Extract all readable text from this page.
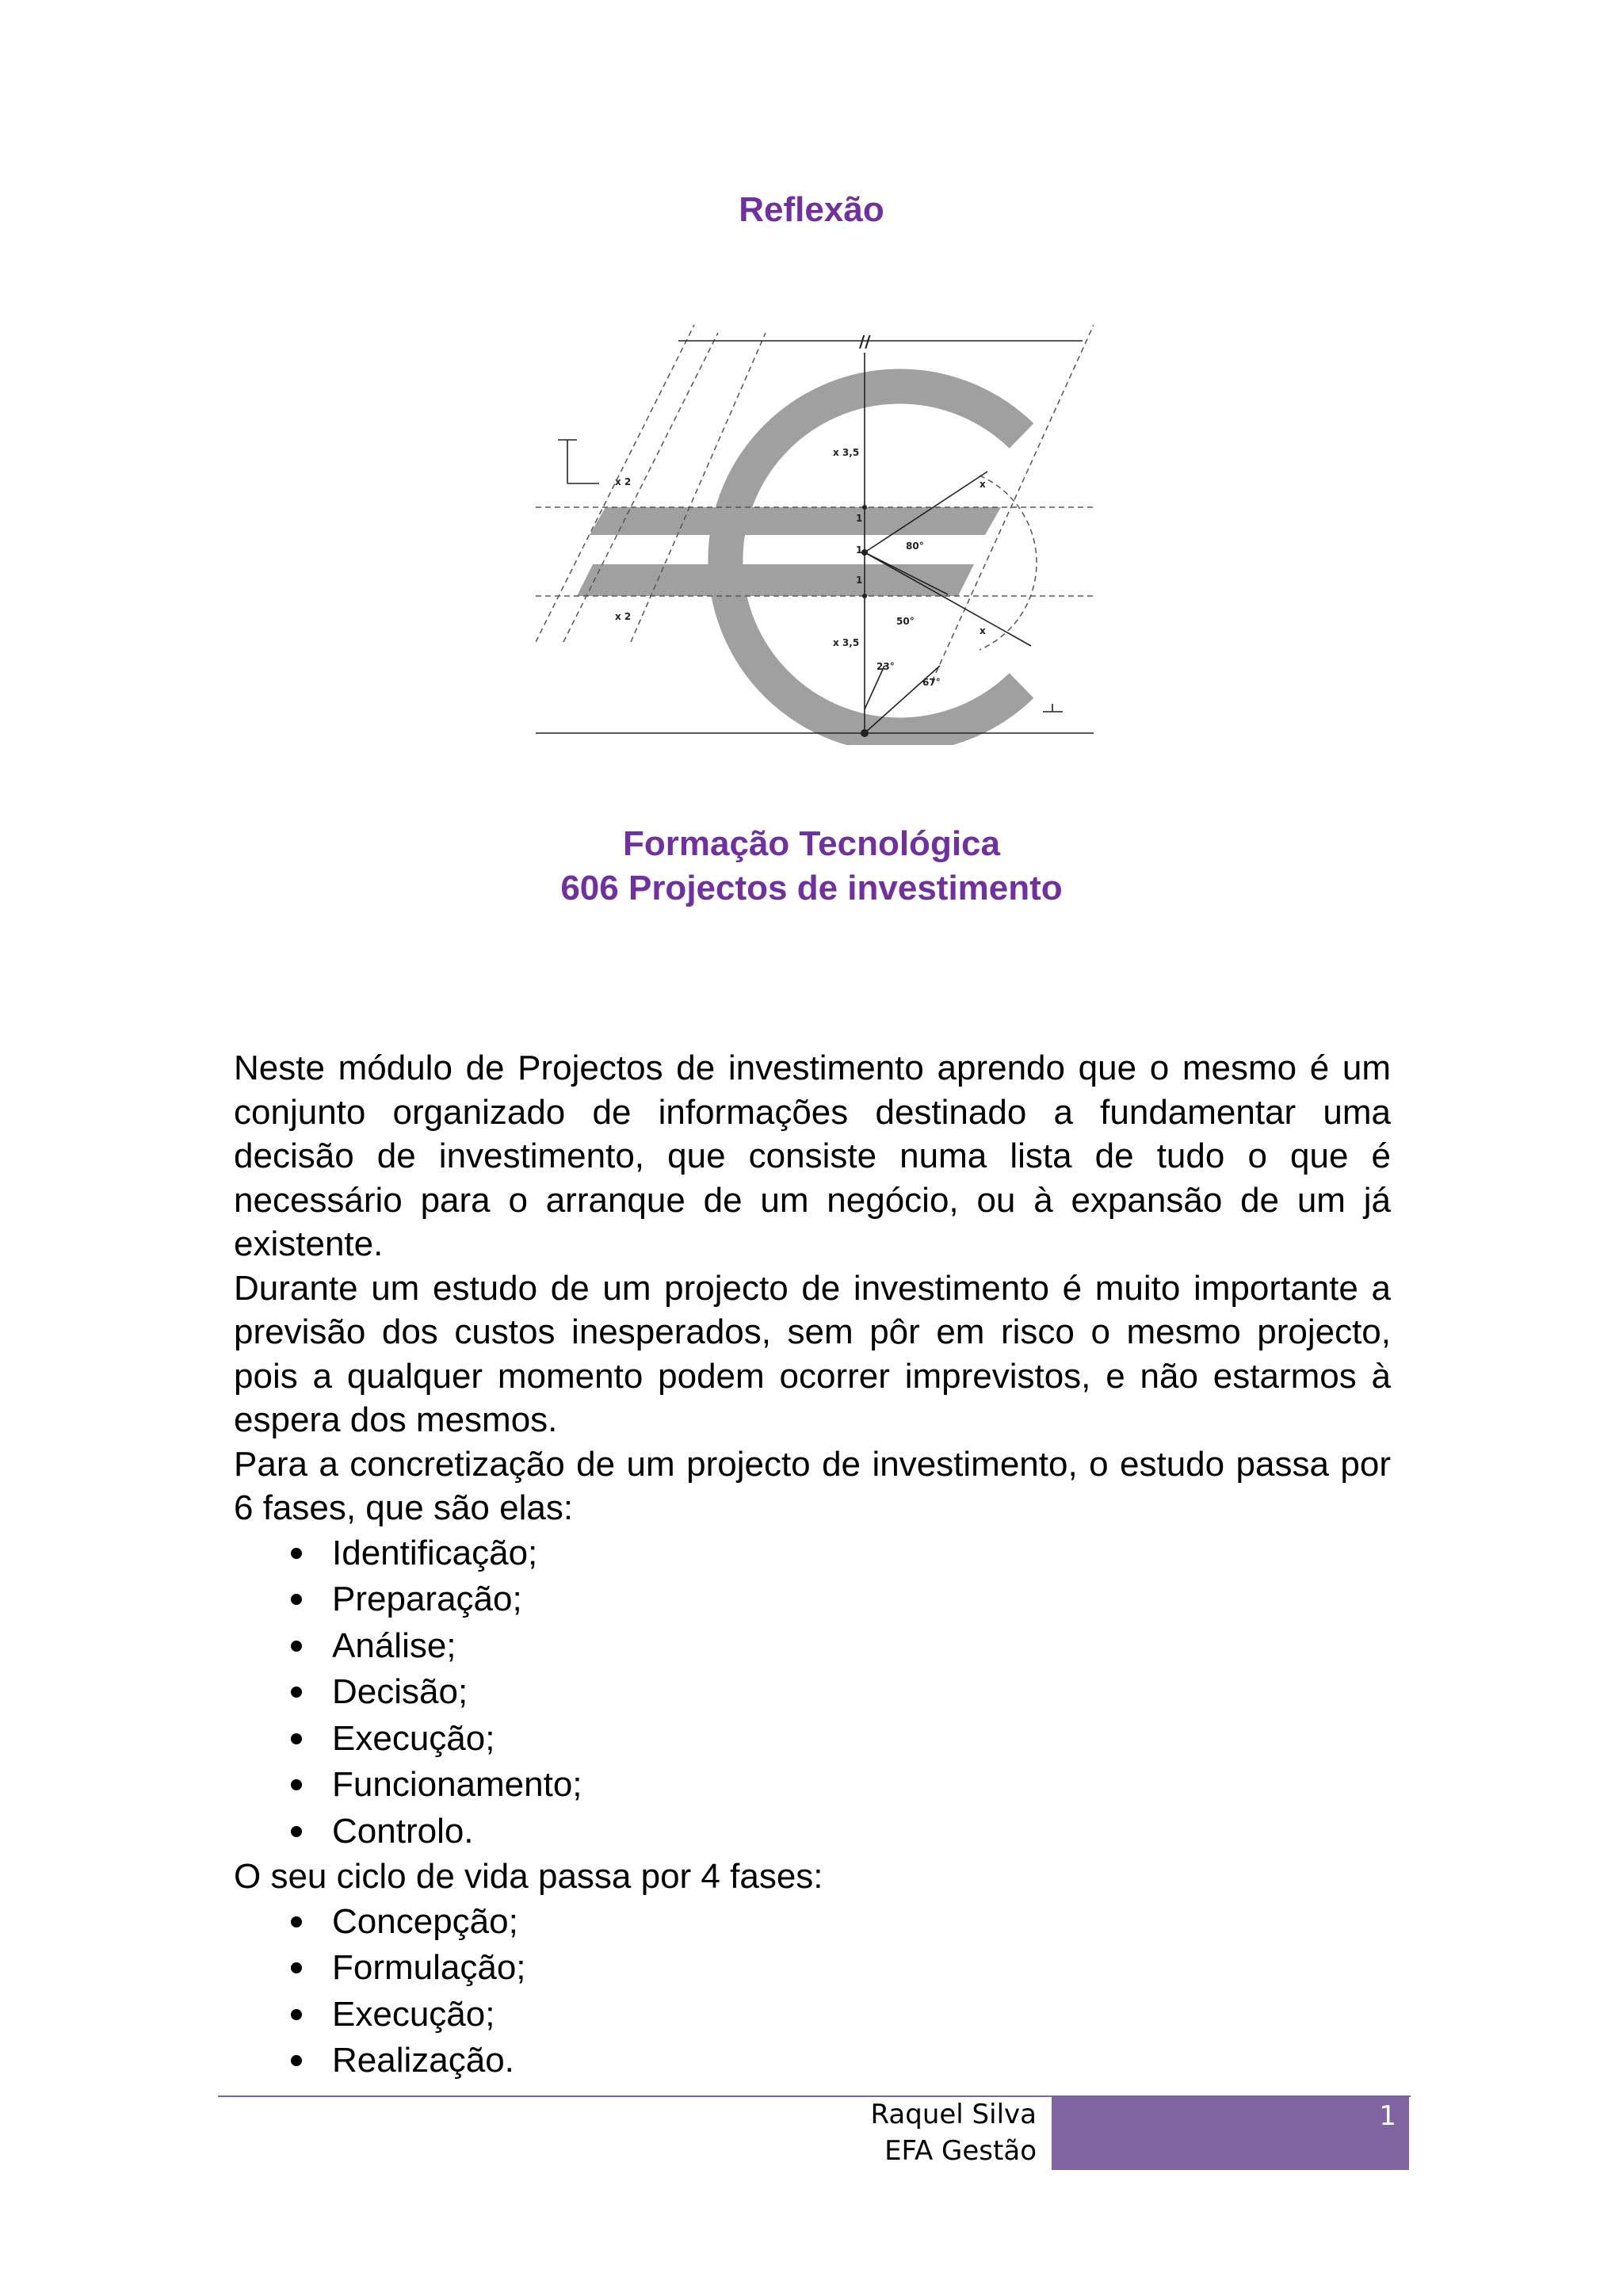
Reflexão
x 3,5
x 2
x 2
1
1
1
80°
50°
x 3,5
23°
67°
x
x
//
Formação Tecnológica
606 Projectos de investimento

Neste módulo de Projectos de investimento aprendo que o mesmo é um conjunto organizado de informações destinado a fundamentar uma decisão de investimento, que consiste numa lista de tudo o que é necessário para o arranque de um negócio, ou à expansão de um já existente.

Durante um estudo de um projecto de investimento é muito importante a previsão dos custos inesperados, sem pôr em risco o mesmo projecto, pois a qualquer momento podem ocorrer imprevistos, e não estarmos à espera dos mesmos.

Para a concretização de um projecto de investimento, o estudo passa por 6 fases, que são elas:

Identificação;
Preparação;
Análise;
Decisão;
Execução;
Funcionamento;
Controlo.

O seu ciclo de vida passa por 4 fases:

Concepção;
Formulação;
Execução;
Realização.
Raquel Silva
EFA Gestão
1
